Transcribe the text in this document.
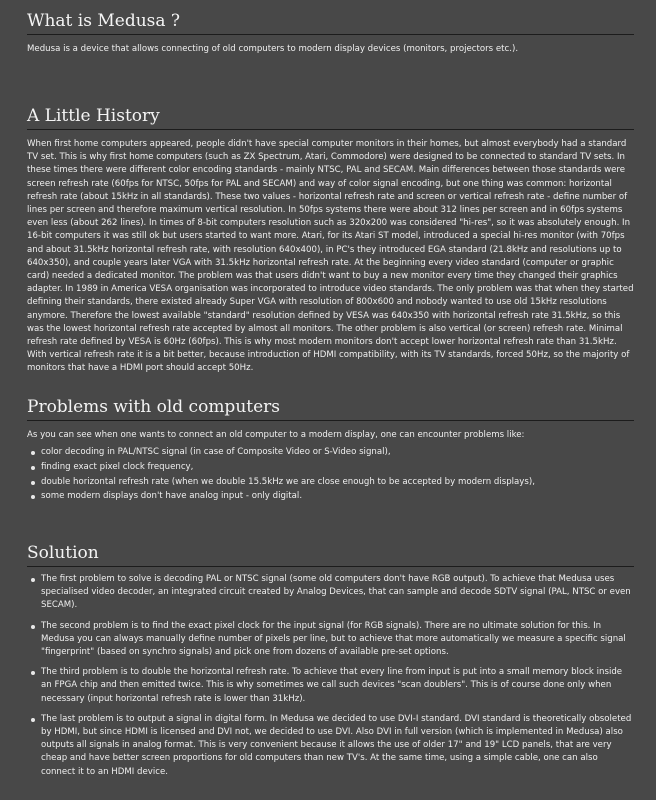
What is Medusa ?

Medusa is a device that allows connecting of old computers to modern display devices (monitors, projectors etc.).

A Little History

When first home computers appeared, people didn't have special computer monitors in their homes, but almost everybody had a standard TV set. This is why first home computers (such as ZX Spectrum, Atari, Commodore) were designed to be connected to standard TV sets. In these times there were different color encoding standards - mainly NTSC, PAL and SECAM. Main differences between those standards were screen refresh rate (60fps for NTSC, 50fps for PAL and SECAM) and way of color signal encoding, but one thing was common: horizontal refresh rate (about 15kHz in all standards). These two values - horizontal refresh rate and screen or vertical refresh rate - define number of lines per screen and therefore maximum vertical resolution. In 50fps systems there were about 312 lines per screen and in 60fps systems even less (about 262 lines). In times of 8-bit computers resolution such as 320x200 was considered "hi-res", so it was absolutely enough. In 16-bit computers it was still ok but users started to want more. Atari, for its Atari ST model, introduced a special hi-res monitor (with 70fps and about 31.5kHz horizontal refresh rate, with resolution 640x400), in PC's they introduced EGA standard (21.8kHz and resolutions up to 640x350), and couple years later VGA with 31.5kHz horizontal refresh rate. At the beginning every video standard (computer or graphic card) needed a dedicated monitor. The problem was that users didn't want to buy a new monitor every time they changed their graphics adapter. In 1989 in America VESA organisation was incorporated to introduce video standards. The only problem was that when they started defining their standards, there existed already Super VGA with resolution of 800x600 and nobody wanted to use old 15kHz resolutions anymore. Therefore the lowest available "standard" resolution defined by VESA was 640x350 with horizontal refresh rate 31.5kHz, so this was the lowest horizontal refresh rate accepted by almost all monitors. The other problem is also vertical (or screen) refresh rate. Minimal refresh rate defined by VESA is 60Hz (60fps). This is why most modern monitors don't accept lower horizontal refresh rate than 31.5kHz. With vertical refresh rate it is a bit better, because introduction of HDMI compatibility, with its TV standards, forced 50Hz, so the majority of monitors that have a HDMI port should accept 50Hz.

Problems with old computers

As you can see when one wants to connect an old computer to a modern display, one can encounter problems like:

color decoding in PAL/NTSC signal (in case of Composite Video or S-Video signal),
finding exact pixel clock frequency,
double horizontal refresh rate (when we double 15.5kHz we are close enough to be accepted by modern displays),
some modern displays don't have analog input - only digital.
Solution
The first problem to solve is decoding PAL or NTSC signal (some old computers don't have RGB output). To achieve that Medusa uses specialised video decoder, an integrated circuit created by Analog Devices, that can sample and decode SDTV signal (PAL, NTSC or even SECAM).
The second problem is to find the exact pixel clock for the input signal (for RGB signals). There are no ultimate solution for this. In Medusa you can always manually define number of pixels per line, but to achieve that more automatically we measure a specific signal "fingerprint" (based on synchro signals) and pick one from dozens of available pre-set options.
The third problem is to double the horizontal refresh rate. To achieve that every line from input is put into a small memory block inside an FPGA chip and then emitted twice. This is why sometimes we call such devices "scan doublers". This is of course done only when necessary (input horizontal refresh rate is lower than 31kHz).
The last problem is to output a signal in digital form. In Medusa we decided to use DVI-I standard. DVI standard is theoretically obsoleted by HDMI, but since HDMI is licensed and DVI not, we decided to use DVI. Also DVI in full version (which is implemented in Medusa) also outputs all signals in analog format. This is very convenient because it allows the use of older 17" and 19" LCD panels, that are very cheap and have better screen proportions for old computers than new TV's. At the same time, using a simple cable, one can also connect it to an HDMI device.
